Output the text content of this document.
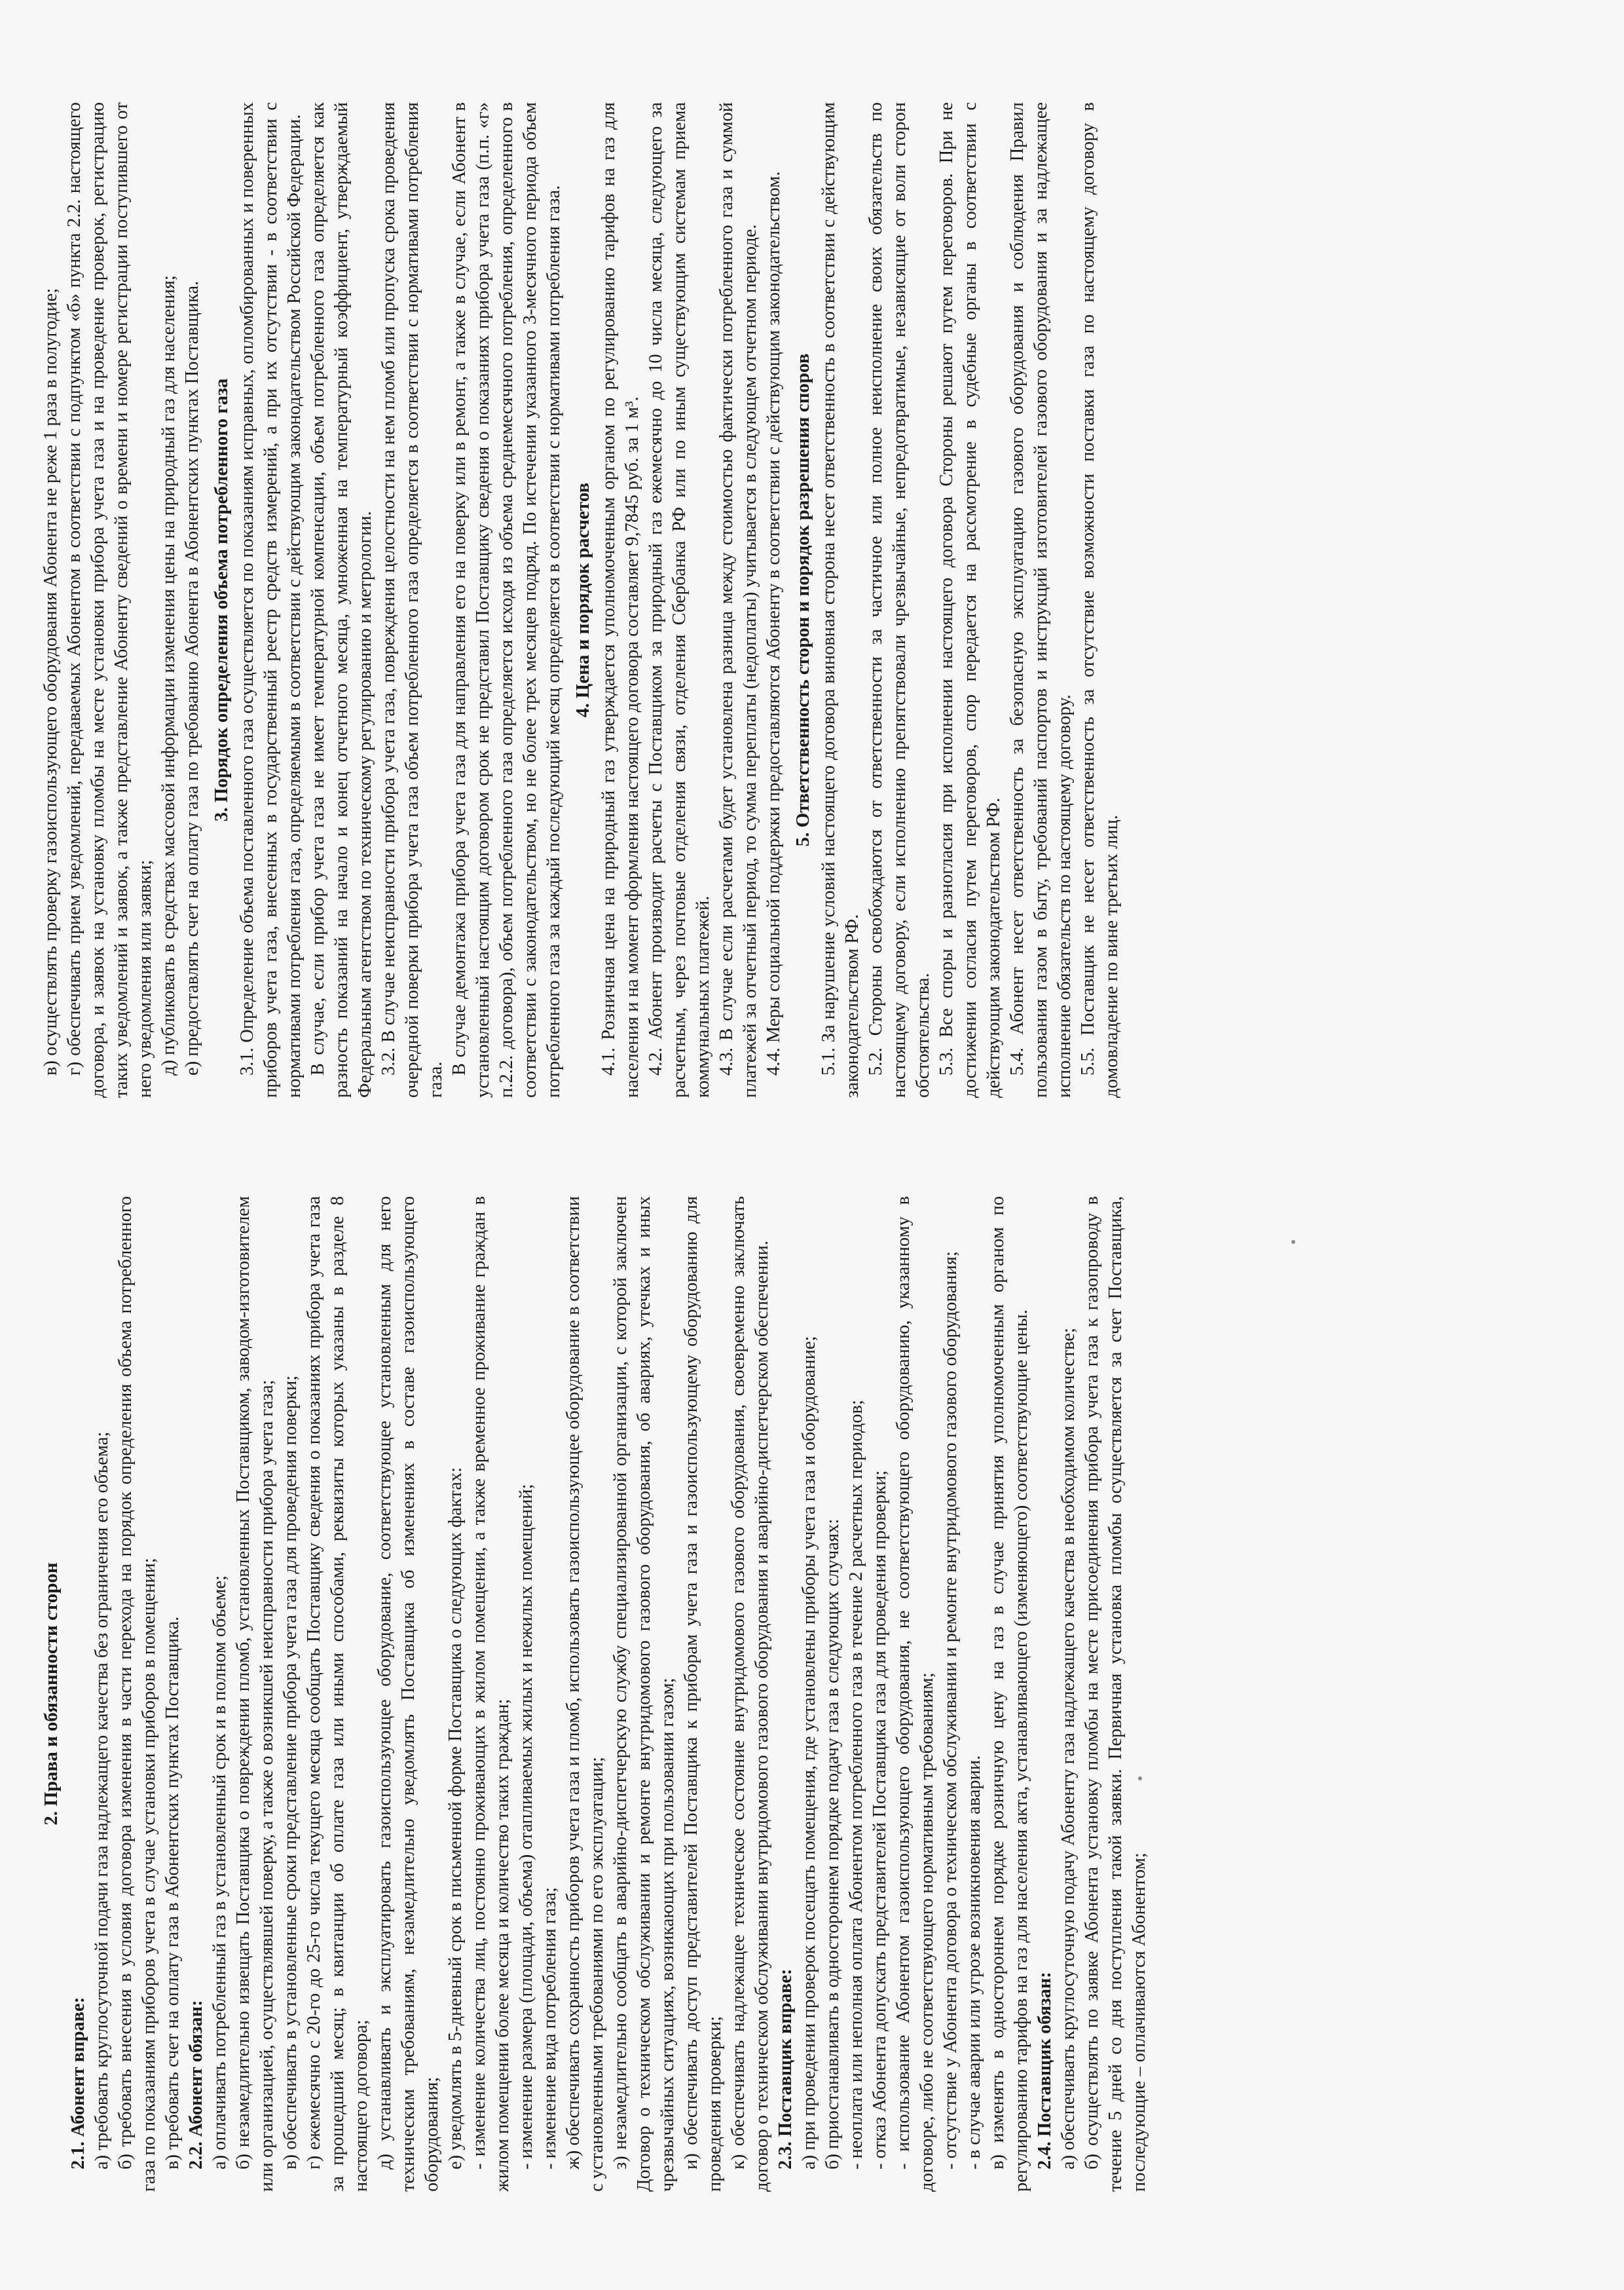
2. Права и обязанности сторон

2.1. Абонент вправе: а) требовать круглосуточной подачи газа надлежащего качества без ограничения его объема; б) требовать внесения в условия договора изменения в части перехода на порядок определения объема потребленного газа по показаниям приборов учета в случае установки приборов в помещении; в) требовать счет на оплату газа в Абонентских пунктах Поставщика. 2.2. Абонент обязан: а) оплачивать потребленный газ в установленный срок и в полном объеме; б) незамедлительно извещать Поставщика о повреждении пломб, установленных Поставщиком, заводом-изготовителем или организацией, осуществлявшей поверку, а также о возникшей неисправности прибора учета газа; в) обеспечивать в установленные сроки представление прибора учета газа для проведения поверки; г) ежемесячно с 20-го до 25-го числа текущего месяца сообщать Поставщику сведения о показаниях прибора учета газа за прошедший месяц; в квитанции об оплате газа или иными способами, реквизиты которых указаны в разделе 8 настоящего договора; д) устанавливать и эксплуатировать газоиспользующее оборудование, соответствующее установленным для него техническим требованиям, незамедлительно уведомлять Поставщика об изменениях в составе газоиспользующего оборудования; е) уведомлять в 5-дневный срок в письменной форме Поставщика о следующих фактах: - изменение количества лиц, постоянно проживающих в жилом помещении, а также временное проживание граждан в жилом помещении более месяца и количество таких граждан; - изменение размера (площади, объема) отапливаемых жилых и нежилых помещений; - изменение вида потребления газа; ж) обеспечивать сохранность приборов учета газа и пломб, использовать газоиспользующее оборудование в соответствии с установленными требованиями по его эксплуатации; з) незамедлительно сообщать в аварийно-диспетчерскую службу специализированной организации, с которой заключен Договор о техническом обслуживании и ремонте внутридомового газового оборудования, об авариях, утечках и иных чрезвычайных ситуациях, возникающих при пользовании газом; и) обеспечивать доступ представителей Поставщика к приборам учета газа и газоиспользующему оборудованию для проведения проверки; к) обеспечивать надлежащее техническое состояние внутридомового газового оборудования, своевременно заключать договор о техническом обслуживании внутридомового газового оборудования и аварийно-диспетчерском обеспечении. 2.3. Поставщик вправе: а) при проведении проверок посещать помещения, где установлены приборы учета газа и оборудование; б) приостанавливать в одностороннем порядке подачу газа в следующих случаях: - неоплата или неполная оплата Абонентом потребленного газа в течение 2 расчетных периодов; - отказ Абонента допускать представителей Поставщика газа для проведения проверки; - использование Абонентом газоиспользующего оборудования, не соответствующего оборудованию, указанному в договоре, либо не соответствующего нормативным требованиям; - отсутствие у Абонента договора о техническом обслуживании и ремонте внутридомового газового оборудования; - в случае аварии или угрозе возникновения аварии. в) изменять в одностороннем порядке розничную цену на газ в случае принятия уполномоченным органом по регулированию тарифов на газ для населения акта, устанавливающего (изменяющего) соответствующие цены. 2.4. Поставщик обязан: а) обеспечивать круглосуточную подачу Абоненту газа надлежащего качества в необходимом количестве; б) осуществлять по заявке Абонента установку пломбы на месте присоединения прибора учета газа к газопроводу в течение 5 дней со дня поступления такой заявки. Первичная установка пломбы осуществляется за счет Поставщика, последующие – оплачиваются Абонентом;

в) осуществлять проверку газоиспользующего оборудования Абонента не реже 1 раза в полугодие; г) обеспечивать прием уведомлений, передаваемых Абонентом в соответствии с подпунктом «б» пункта 2.2. настоящего договора, и заявок на установку пломбы на месте установки прибора учета газа и на проведение проверок, регистрацию таких уведомлений и заявок, а также представление Абоненту сведений о времени и номере регистрации поступившего от него уведомления или заявки; д) публиковать в средствах массовой информации изменения цены на природный газ для населения; е) предоставлять счет на оплату газа по требованию Абонента в Абонентских пунктах Поставщика. 3. Порядок определения объема потребленного газа 3.1. Определение объема поставленного газа осуществляется по показаниям исправных, опломбированных и поверенных приборов учета газа, внесенных в государственный реестр средств измерений, а при их отсутствии - в соответствии с нормативами потребления газа, определяемыми в соответствии с действующим законодательством Российской Федерации. В случае, если прибор учета газа не имеет температурной компенсации, объем потребленного газа определяется как разность показаний на начало и конец отчетного месяца, умноженная на температурный коэффициент, утверждаемый Федеральным агентством по техническому регулированию и метрологии. 3.2. В случае неисправности прибора учета газа, повреждения целостности на нем пломб или пропуска срока проведения очередной поверки прибора учета газа объем потребленного газа определяется в соответствии с нормативами потребления газа.

В случае демонтажа прибора учета газа для направления его на поверку или в ремонт, а также в случае, если Абонент в установленный настоящим договором срок не представил Поставщику сведения о показаниях прибора учета газа (п.п. «г» п.2.2. договора), объем потребленного газа определяется исходя из объема среднемесячного потребления, определенного в соответствии с законодательством, но не более трех месяцев подряд. По истечении указанного 3-месячного периода объем потребленного газа за каждый последующий месяц определяется в соответствии с нормативами потребления газа. 4. Цена и порядок расчетов 4.1. Розничная цена на природный газ утверждается уполномоченным органом по регулированию тарифов на газ для населения и на момент оформления настоящего договора составляет 9,7845 руб. за 1 м³. 4.2. Абонент производит расчеты с Поставщиком за природный газ ежемесячно до 10 числа месяца, следующего за расчетным, через почтовые отделения связи, отделения Сбербанка РФ или по иным существующим системам приема коммунальных платежей. 4.3. В случае если расчетами будет установлена разница между стоимостью фактически потребленного газа и суммой платежей за отчетный период, то сумма переплаты (недоплаты) учитывается в следующем отчетном периоде. 4.4. Меры социальной поддержки предоставляются Абоненту в соответствии с действующим законодательством. 5. Ответственность сторон и порядок разрешения споров 5.1. За нарушение условий настоящего договора виновная сторона несет ответственность в соответствии с действующим законодательством РФ. 5.2. Стороны освобождаются от ответственности за частичное или полное неисполнение своих обязательств по настоящему договору, если исполнению препятствовали чрезвычайные, непредотвратимые, независящие от воли сторон обстоятельства. 5.3. Все споры и разногласия при исполнении настоящего договора Стороны решают путем переговоров. При не достижении согласия путем переговоров, спор передается на рассмотрение в судебные органы в соответствии с действующим законодательством РФ. 5.4. Абонент несет ответственность за безопасную эксплуатацию газового оборудования и соблюдения Правил пользования газом в быту, требований паспортов и инструкций изготовителей газового оборудования и за надлежащее исполнение обязательств по настоящему договору. 5.5. Поставщик не несет ответственность за отсутствие возможности поставки газа по настоящему договору в домовладение по вине третьих лиц.
